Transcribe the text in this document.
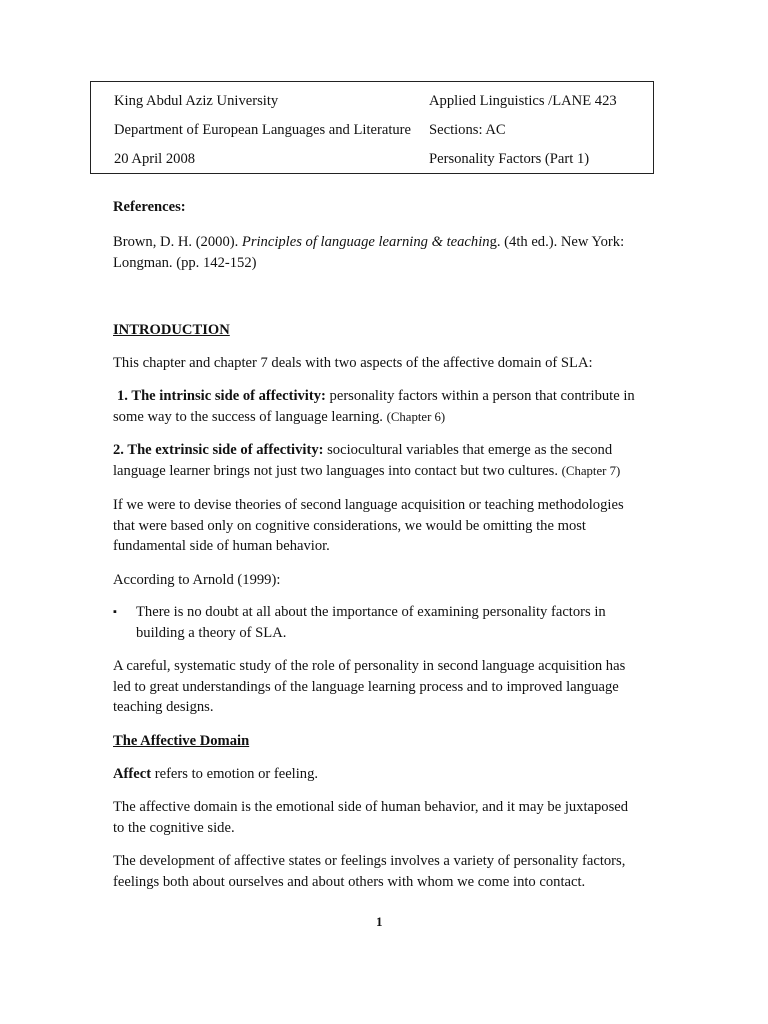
King Abdul Aziz University
Department of European Languages and Literature
20 April 2008
Applied Linguistics /LANE 423
Sections: AC
Personality Factors (Part 1)
References:

Brown, D. H. (2000). Principles of language learning & teaching. (4th ed.). New York:

Longman. (pp. 142-152)

INTRODUCTION

This chapter and chapter 7 deals with two aspects of the affective domain of SLA:

1. The intrinsic side of affectivity: personality factors within a person that contribute in

some way to the success of language learning. (Chapter 6)

2. The extrinsic side of affectivity: sociocultural variables that emerge as the second

language learner brings not just two languages into contact but two cultures. (Chapter 7)

If we were to devise theories of second language acquisition or teaching methodologies

that were based only on cognitive considerations, we would be omitting the most

fundamental side of human behavior.

According to Arnold (1999):

▪ There is no doubt at all about the importance of examining personality factors in

building a theory of SLA.

A careful, systematic study of the role of personality in second language acquisition has

led to great understandings of the language learning process and to improved language

teaching designs.

The Affective Domain

Affect refers to emotion or feeling.

The affective domain is the emotional side of human behavior, and it may be juxtaposed

to the cognitive side.

The development of affective states or feelings involves a variety of personality factors,

feelings both about ourselves and about others with whom we come into contact.

1
